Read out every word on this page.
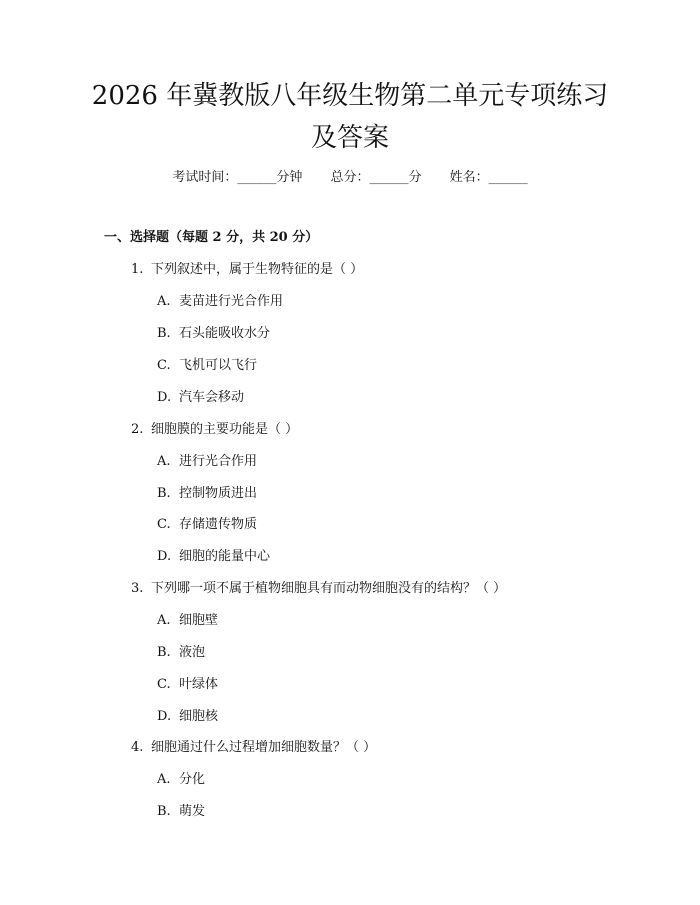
2026 年冀教版八年级生物第二单元专项练习
及答案
考试时间：______分钟 总分：______分 姓名：______
一、选择题（每题 2 分，共 20 分）
1. 下列叙述中，属于生物特征的是（ ）
A. 麦苗进行光合作用
B. 石头能吸收水分
C. 飞机可以飞行
D. 汽车会移动
2. 细胞膜的主要功能是（ ）
A. 进行光合作用
B. 控制物质进出
C. 存储遗传物质
D. 细胞的能量中心
3. 下列哪一项不属于植物细胞具有而动物细胞没有的结构？（ ）
A. 细胞壁
B. 液泡
C. 叶绿体
D. 细胞核
4. 细胞通过什么过程增加细胞数量？（ ）
A. 分化
B. 萌发
